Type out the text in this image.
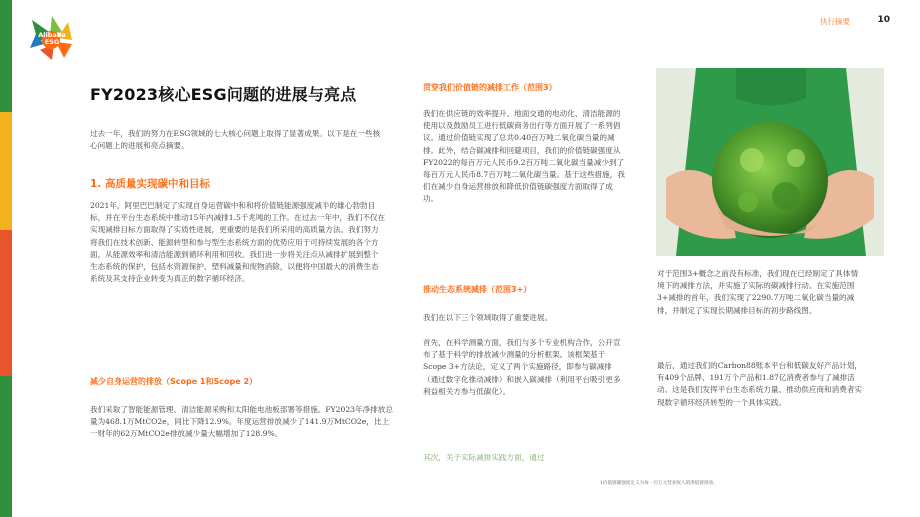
Alibaba
ESG
执行摘要	10
FY2023核心ESG问题的进展与亮点
过去一年，我们的努力在ESG领域的七大核心问题上取得了显著成果。以下是在一些核心问题上的进展和亮点摘要。
1. 高质量实现碳中和目标
2021年，阿里巴巴制定了实现自身运营碳中和和将价值链能源强度减半的雄心勃勃目标，并在平台生态系统中推动15年内减排1.5千兆吨的工作。在过去一年中，我们不仅在实现减排目标方面取得了实质性进展，更重要的是我们所采用的高质量方法。我们努力将我们在技术创新、能源转型和参与型生态系统方面的优势应用于可持续发展的各个方面，从能源效率和清洁能源到循环利用和回收。我们进一步将关注点从减排扩展到整个生态系统的保护，包括水资源保护、塑料减量和废物消除，以便将中国最大的消费生态系统及其支持企业转变为真正的数字循环经济。
减少自身运营的排放（Scope 1和Scope 2）
我们采取了智能能源管理、清洁能源采购和太阳能电池板部署等措施。FY2023年净排放总量为468.1万MtCO2e，同比下降12.9%。年度运营排放减少了141.9万MtCO2e，比上一财年的62万MtCO2e排放减少量大幅增加了128.9%。
贯穿我们价值链的减排工作（范围3）
我们在供应链的效率提升、地面交通的电动化、清洁能源的使用以及鼓励员工进行低碳商务出行等方面开展了一系列倡议。通过价值链实现了总共0.40百万吨二氧化碳当量的减排。此外，结合碳减排和回避项目，我们的价值链碳强度从FY2022的每百万元人民币9.2百万吨二氧化碳当量减少到了每百万元人民币8.7百万吨二氧化碳当量。基于这些措施，我们在减少自身运营排放和降低价值链碳强度方面取得了成功。
推动生态系统减排（范围3+）
我们在以下三个领域取得了重要进展。
首先，在科学测量方面，我们与多个专业机构合作，公开宣布了基于科学的排放减少测量的分析框架。该框架基于Scope 3+方法论，定义了两个实施路径，即参与碳减排（通过数字化推动减排）和嵌入碳减排（利用平台吸引更多利益相关方参与低碳化）。
其次，关于实际减排实践方面，通过
对于范围3+概念之前没有标准，我们现在已经制定了具体情境下的减排方法，并实施了实际的碳减排行动。在实施范围3+减排的首年，我们实现了2290.7万吨二氧化碳当量的减排，并制定了实现长期减排目标的初步路线图。
最后，通过我们的Carbon88账本平台和低碳友好产品计划，有409个品牌、191万个产品和1.87亿消费者参与了减排活动。这是我们发挥平台生态系统力量、推动供应商和消费者实现数字循环经济转型的一个具体实践。
1价值链碳强度定义为每一百万元营业收入的净值链排放。
